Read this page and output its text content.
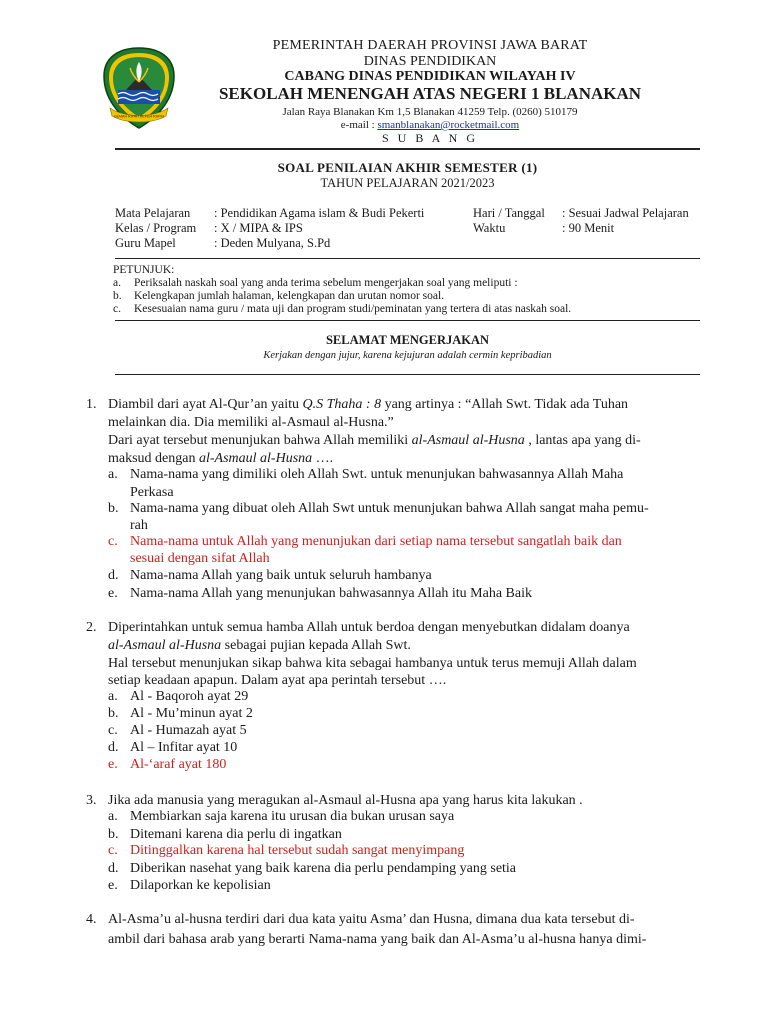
GEMAH RIPAH REPEH RAPIH
PEMERINTAH DAERAH PROVINSI JAWA BARAT
DINAS PENDIDIKAN
CABANG DINAS PENDIDIKAN WILAYAH IV
SEKOLAH MENENGAH ATAS NEGERI 1 BLANAKAN
Jalan Raya Blanakan Km 1,5 Blanakan 41259 Telp. (0260) 510179
e-mail : smanblanakan@rocketmail.com
S U B A N G
SOAL PENILAIAN AKHIR SEMESTER (1)
TAHUN PELAJARAN 2021/2023
Mata Pelajaran
Kelas / Program
Guru Mapel
: Pendidikan Agama islam & Budi Pekerti
: X / MIPA & IPS
: Deden Mulyana, S.Pd
Hari / Tanggal
Waktu
: Sesuai Jadwal Pelajaran
: 90 Menit
PETUNJUK:
a. Periksalah naskah soal yang anda terima sebelum mengerjakan soal yang meliputi :
b. Kelengkapan jumlah halaman, kelengkapan dan urutan nomor soal.
c. Kesesuaian nama guru / mata uji dan program studi/peminatan yang tertera di atas naskah soal.
SELAMAT MENGERJAKAN
Kerjakan dengan jujur, karena kejujuran adalah cermin kepribadian
1. Diambil dari ayat Al-Qur’an yaitu Q.S Thaha : 8 yang artinya : “Allah Swt. Tidak ada Tuhan
melainkan dia. Dia memiliki al-Asmaul al-Husna.”
Dari ayat tersebut menunjukan bahwa Allah memiliki al-Asmaul al-Husna , lantas apa yang di-
maksud dengan al-Asmaul al-Husna ….
a. Nama-nama yang dimiliki oleh Allah Swt. untuk menunjukan bahwasannya Allah Maha
Perkasa
b. Nama-nama yang dibuat oleh Allah Swt untuk menunjukan bahwa Allah sangat maha pemu-
rah
c. Nama-nama untuk Allah yang menunjukan dari setiap nama tersebut sangatlah baik dan
sesuai dengan sifat Allah
d. Nama-nama Allah yang baik untuk seluruh hambanya
e. Nama-nama Allah yang menunjukan bahwasannya Allah itu Maha Baik
2. Diperintahkan untuk semua hamba Allah untuk berdoa dengan menyebutkan didalam doanya
al-Asmaul al-Husna sebagai pujian kepada Allah Swt.
Hal tersebut menunjukan sikap bahwa kita sebagai hambanya untuk terus memuji Allah dalam
setiap keadaan apapun. Dalam ayat apa perintah tersebut ….
a. Al - Baqoroh ayat 29
b. Al - Mu’minun ayat 2
c. Al - Humazah ayat 5
d. Al – Infitar ayat 10
e. Al-‘araf ayat 180
3. Jika ada manusia yang meragukan al-Asmaul al-Husna apa yang harus kita lakukan .
a. Membiarkan saja karena itu urusan dia bukan urusan saya
b. Ditemani karena dia perlu di ingatkan
c. Ditinggalkan karena hal tersebut sudah sangat menyimpang
d. Diberikan nasehat yang baik karena dia perlu pendamping yang setia
e. Dilaporkan ke kepolisian
4. Al-Asma’u al-husna terdiri dari dua kata yaitu Asma’ dan Husna, dimana dua kata tersebut di-
ambil dari bahasa arab yang berarti Nama-nama yang baik dan Al-Asma’u al-husna hanya dimi-
